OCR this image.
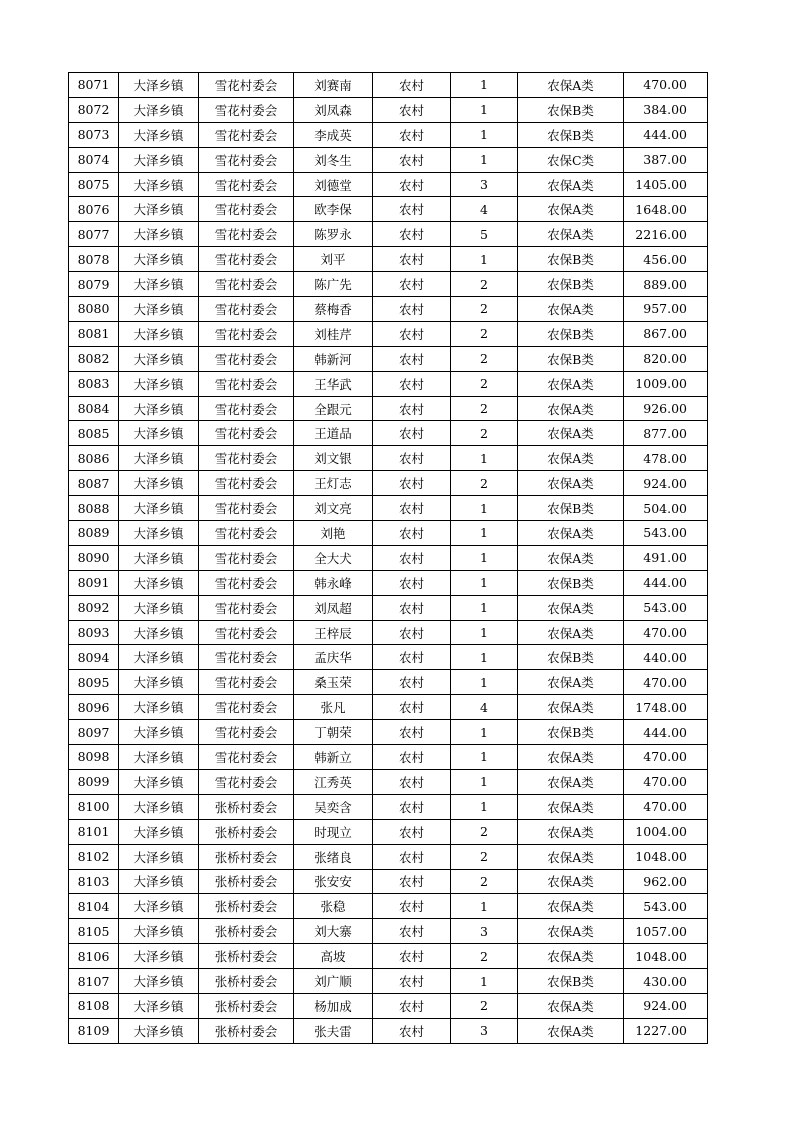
8071	大泽乡镇	雪花村委会	刘赛南	农村	1	农保A类	470.00
8072	大泽乡镇	雪花村委会	刘凤森	农村	1	农保B类	384.00
8073	大泽乡镇	雪花村委会	李成英	农村	1	农保B类	444.00
8074	大泽乡镇	雪花村委会	刘冬生	农村	1	农保C类	387.00
8075	大泽乡镇	雪花村委会	刘德堂	农村	3	农保A类	1405.00
8076	大泽乡镇	雪花村委会	欧李保	农村	4	农保A类	1648.00
8077	大泽乡镇	雪花村委会	陈罗永	农村	5	农保A类	2216.00
8078	大泽乡镇	雪花村委会	刘平	农村	1	农保B类	456.00
8079	大泽乡镇	雪花村委会	陈广先	农村	2	农保B类	889.00
8080	大泽乡镇	雪花村委会	蔡梅香	农村	2	农保A类	957.00
8081	大泽乡镇	雪花村委会	刘桂芹	农村	2	农保B类	867.00
8082	大泽乡镇	雪花村委会	韩新河	农村	2	农保B类	820.00
8083	大泽乡镇	雪花村委会	王华武	农村	2	农保A类	1009.00
8084	大泽乡镇	雪花村委会	全跟元	农村	2	农保A类	926.00
8085	大泽乡镇	雪花村委会	王道品	农村	2	农保A类	877.00
8086	大泽乡镇	雪花村委会	刘文银	农村	1	农保A类	478.00
8087	大泽乡镇	雪花村委会	王灯志	农村	2	农保A类	924.00
8088	大泽乡镇	雪花村委会	刘文亮	农村	1	农保B类	504.00
8089	大泽乡镇	雪花村委会	刘艳	农村	1	农保A类	543.00
8090	大泽乡镇	雪花村委会	全大犬	农村	1	农保A类	491.00
8091	大泽乡镇	雪花村委会	韩永峰	农村	1	农保B类	444.00
8092	大泽乡镇	雪花村委会	刘凤超	农村	1	农保A类	543.00
8093	大泽乡镇	雪花村委会	王梓辰	农村	1	农保A类	470.00
8094	大泽乡镇	雪花村委会	孟庆华	农村	1	农保B类	440.00
8095	大泽乡镇	雪花村委会	桑玉荣	农村	1	农保A类	470.00
8096	大泽乡镇	雪花村委会	张凡	农村	4	农保A类	1748.00
8097	大泽乡镇	雪花村委会	丁朝荣	农村	1	农保B类	444.00
8098	大泽乡镇	雪花村委会	韩新立	农村	1	农保A类	470.00
8099	大泽乡镇	雪花村委会	江秀英	农村	1	农保A类	470.00
8100	大泽乡镇	张桥村委会	吴奕含	农村	1	农保A类	470.00
8101	大泽乡镇	张桥村委会	时现立	农村	2	农保A类	1004.00
8102	大泽乡镇	张桥村委会	张绪良	农村	2	农保A类	1048.00
8103	大泽乡镇	张桥村委会	张安安	农村	2	农保A类	962.00
8104	大泽乡镇	张桥村委会	张稳	农村	1	农保A类	543.00
8105	大泽乡镇	张桥村委会	刘大寨	农村	3	农保A类	1057.00
8106	大泽乡镇	张桥村委会	高坡	农村	2	农保A类	1048.00
8107	大泽乡镇	张桥村委会	刘广顺	农村	1	农保B类	430.00
8108	大泽乡镇	张桥村委会	杨加成	农村	2	农保A类	924.00
8109	大泽乡镇	张桥村委会	张夫雷	农村	3	农保A类	1227.00
